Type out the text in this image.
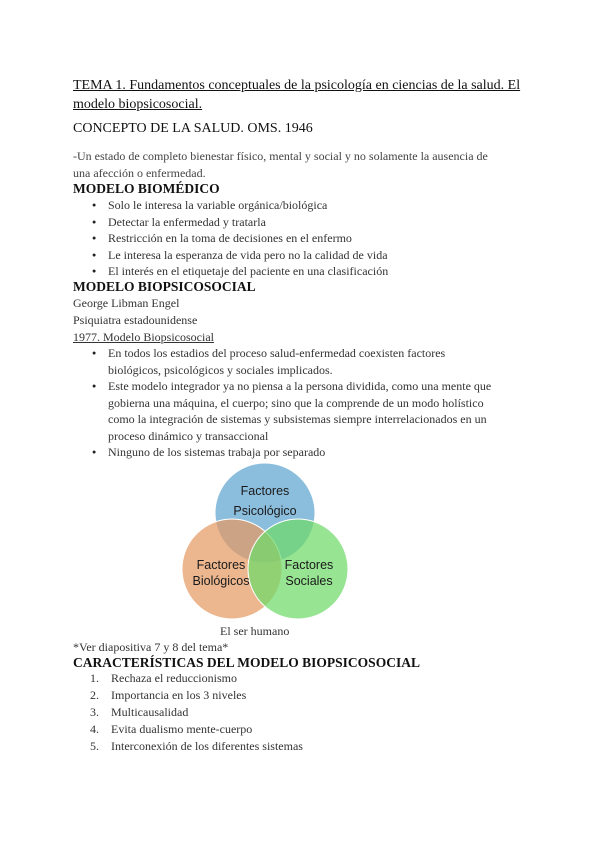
TEMA 1. Fundamentos conceptuales de la psicología en ciencias de la salud. El
modelo biopsicosocial.
CONCEPTO DE LA SALUD. OMS. 1946
-Un estado de completo bienestar físico, mental y social y no solamente la ausencia de
una afección o enfermedad.
MODELO BIOMÉDICO
● Solo le interesa la variable orgánica/biológica
● Detectar la enfermedad y tratarla
● Restricción en la toma de decisiones en el enfermo
● Le interesa la esperanza de vida pero no la calidad de vida
● El interés en el etiquetaje del paciente en una clasificación
MODELO BIOPSICOSOCIAL
George Libman Engel
Psiquiatra estadounidense
1977. Modelo Biopsicosocial
● En todos los estadios del proceso salud-enfermedad coexisten factores
biológicos, psicológicos y sociales implicados.
● Este modelo integrador ya no piensa a la persona dividida, como una mente que
gobierna una máquina, el cuerpo; sino que la comprende de un modo holístico
como la integración de sistemas y subsistemas siempre interrelacionados en un
proceso dinámico y transaccional
● Ninguno de los sistemas trabaja por separado
Factores
Psicológico
Factores
Biológicos
Factores
Sociales
El ser humano
*Ver diapositiva 7 y 8 del tema*
CARACTERÍSTICAS DEL MODELO BIOPSICOSOCIAL
1. Rechaza el reduccionismo
2. Importancia en los 3 niveles
3. Multicausalidad
4. Evita dualismo mente-cuerpo
5. Interconexión de los diferentes sistemas
